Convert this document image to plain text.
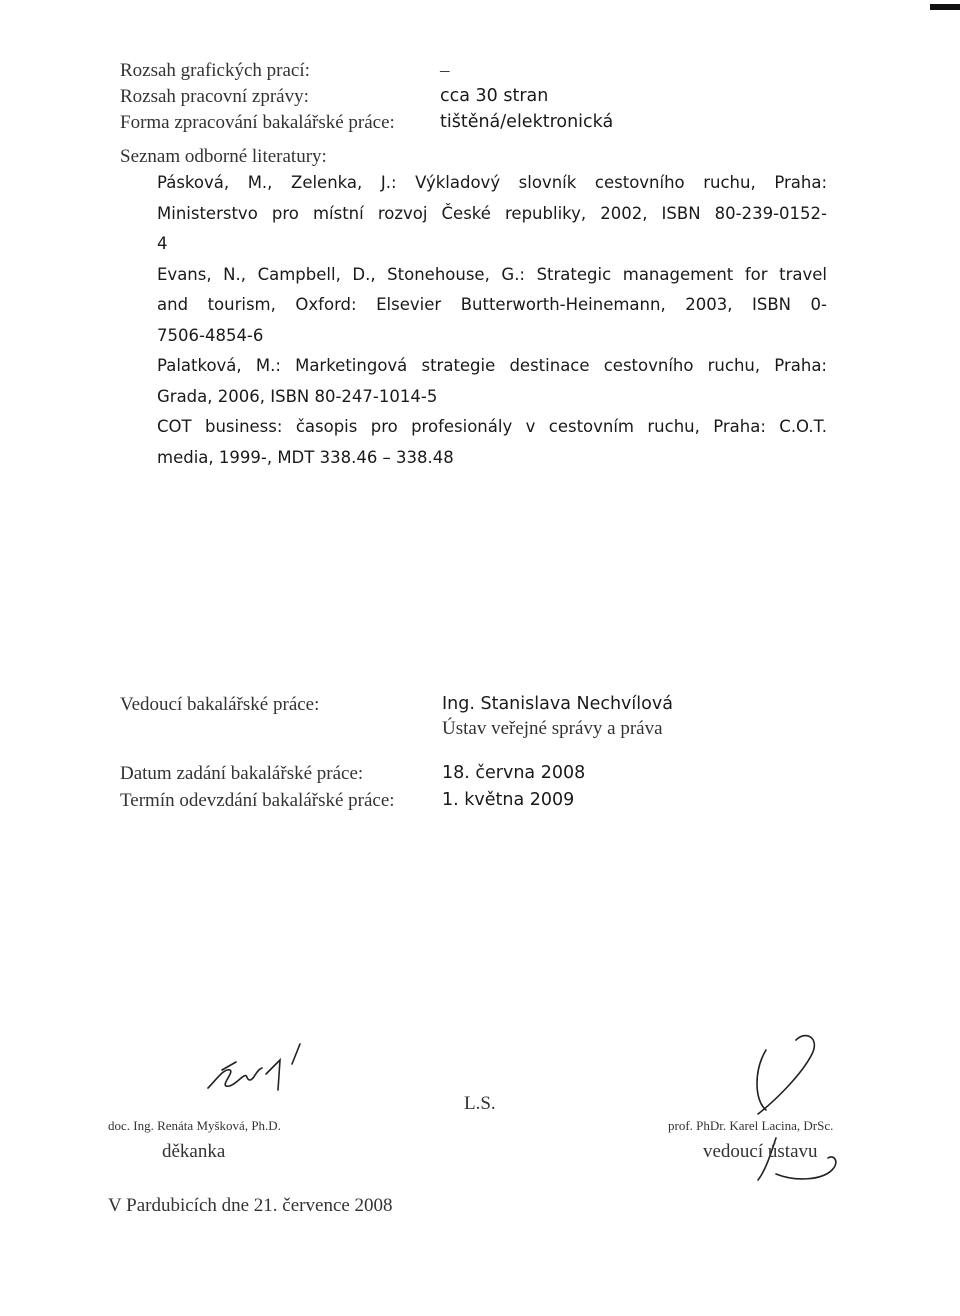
Rozsah grafických prací:	–
Rozsah pracovní zprávy:	cca 30 stran
Forma zpracování bakalářské práce:	tištěná/elektronická
Seznam odborné literatury:
Pásková, M., Zelenka, J.: Výkladový slovník cestovního ruchu, Praha:
Ministerstvo pro místní rozvoj České republiky, 2002, ISBN 80-239-0152-
4
Evans, N., Campbell, D., Stonehouse, G.: Strategic management for travel
and tourism, Oxford: Elsevier Butterworth-Heinemann, 2003, ISBN 0-
7506-4854-6
Palatková, M.: Marketingová strategie destinace cestovního ruchu, Praha:
Grada, 2006, ISBN 80-247-1014-5
COT business: časopis pro profesionály v cestovním ruchu, Praha: C.O.T.
media, 1999-, MDT 338.46 – 338.48
Vedoucí bakalářské práce:	Ing. Stanislava Nechvílová
Ústav veřejné správy a práva
Datum zadání bakalářské práce:	18. června 2008
Termín odevzdání bakalářské práce:	1. května 2009
doc. Ing. Renáta Myšková, Ph.D.
děkanka
L.S.
prof. PhDr. Karel Lacina, DrSc.
vedoucí ústavu
V Pardubicích dne 21. července 2008
